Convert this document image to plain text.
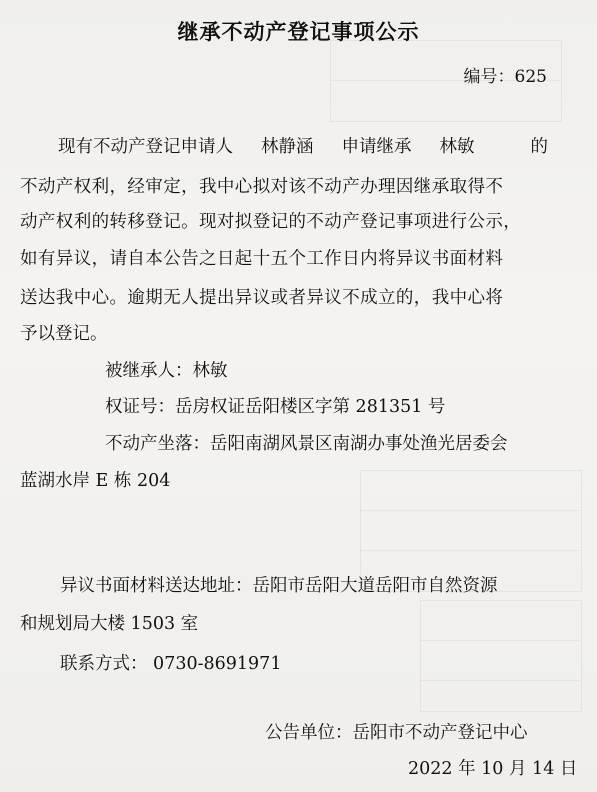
继承不动产登记事项公示
编号：625
现有不动产登记申请人 林静涵 申请继承 林敏	的
不动产权利，经审定，我中心拟对该不动产办理因继承取得不
动产权利的转移登记。现对拟登记的不动产登记事项进行公示，
如有异议，请自本公告之日起十五个工作日内将异议书面材料
送达我中心。逾期无人提出异议或者异议不成立的，我中心将
予以登记。
被继承人：林敏
权证号：岳房权证岳阳楼区字第 281351 号
不动产坐落：岳阳南湖风景区南湖办事处渔光居委会
蓝湖水岸 E 栋 204
异议书面材料送达地址：岳阳市岳阳大道岳阳市自然资源
和规划局大楼 1503 室
联系方式： 0730-8691971
公告单位：岳阳市不动产登记中心
2022 年 10 月 14 日
